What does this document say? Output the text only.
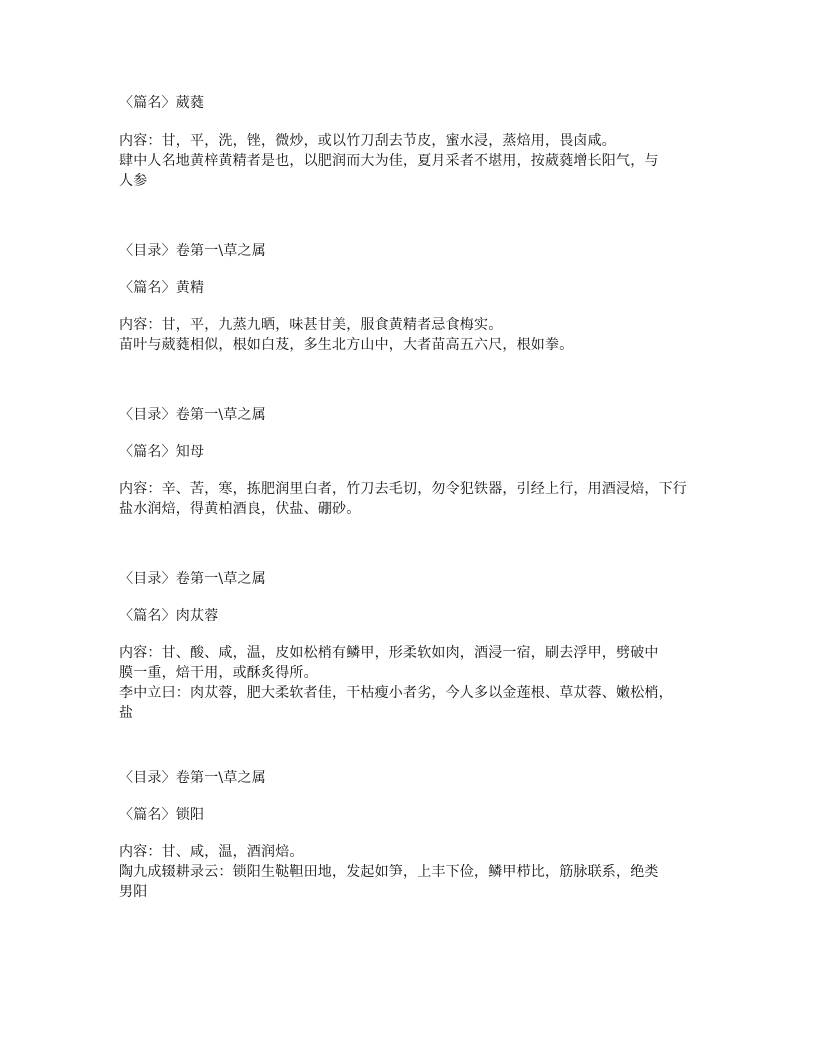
〈篇名〉葳蕤

内容：甘，平，洗，锉，微炒，或以竹刀刮去节皮，蜜水浸，蒸焙用，畏卤咸。

肆中人名地黄梓黄精者是也，以肥润而大为佳，夏月采者不堪用，按葳蕤增长阳气，与

人参

〈目录〉卷第一\草之属

〈篇名〉黄精

内容：甘，平，九蒸九晒，味甚甘美，服食黄精者忌食梅实。

苗叶与葳蕤相似，根如白芨，多生北方山中，大者苗高五六尺，根如拳。

〈目录〉卷第一\草之属

〈篇名〉知母

内容：辛、苦，寒，拣肥润里白者，竹刀去毛切，勿令犯铁器，引经上行，用酒浸焙，下行

盐水润焙，得黄柏酒良，伏盐、硼砂。

〈目录〉卷第一\草之属

〈篇名〉肉苁蓉

内容：甘、酸、咸，温，皮如松梢有鳞甲，形柔软如肉，酒浸一宿，刷去浮甲，劈破中

膜一重，焙干用，或酥炙得所。

李中立曰：肉苁蓉，肥大柔软者佳，干枯瘦小者劣，今人多以金莲根、草苁蓉、嫩松梢，

盐

〈目录〉卷第一\草之属

〈篇名〉锁阳

内容：甘、咸，温，酒润焙。

陶九成辍耕录云：锁阳生鞑靼田地，发起如笋，上丰下俭，鳞甲栉比，筋脉联系，绝类

男阳
